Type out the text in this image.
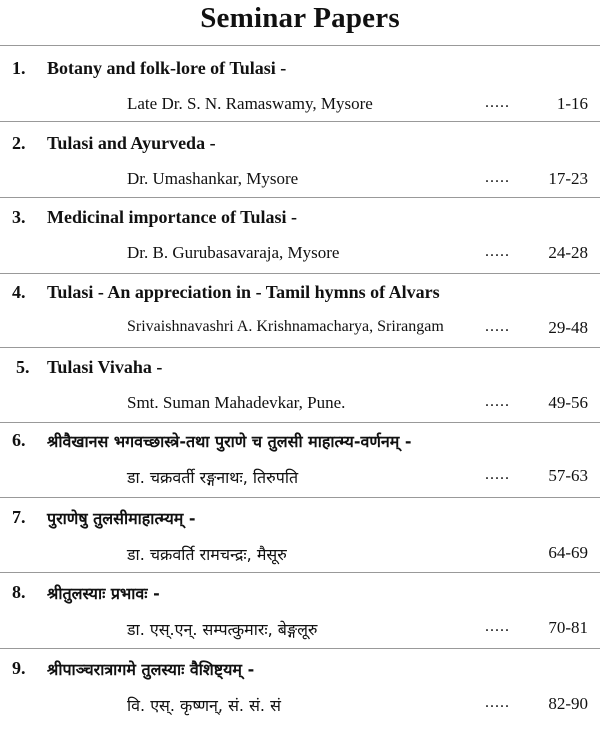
Seminar Papers
1. Botany and folk-lore of Tulasi -
Late Dr. S. N. Ramaswamy, Mysore	.....	1-16
2. Tulasi and Ayurveda -
Dr. Umashankar, Mysore	..... 17-23
3. Medicinal importance of Tulasi -
Dr. B. Gurubasavaraja, Mysore	..... 24-28
4. Tulasi - An appreciation in - Tamil hymns of Alvars
Srivaishnavashri A. Krishnamacharya, Srirangam	..... 29-48
5. Tulasi Vivaha -
Smt. Suman Mahadevkar, Pune.	..... 49-56
6. श्रीवैखानस भगवच्छास्त्रे-तथा पुराणे च तुलसी माहात्म्य-वर्णनम् -
डा. चक्रवर्ती रङ्गनाथः, तिरुपति	..... 57-63
7. पुराणेषु तुलसीमाहात्म्यम् -
डा. चक्रवर्ति रामचन्द्रः, मैसूरु	64-69
8. श्रीतुलस्याः प्रभावः -
डा. एस्.एन्. सम्पत्कुमारः, बेङ्गलूरु	..... 70-81
9. श्रीपाञ्चरात्रागमे तुलस्याः वैशिष्ट्यम् -
वि. एस्. कृष्णन्, सं. सं. सं	..... 82-90
